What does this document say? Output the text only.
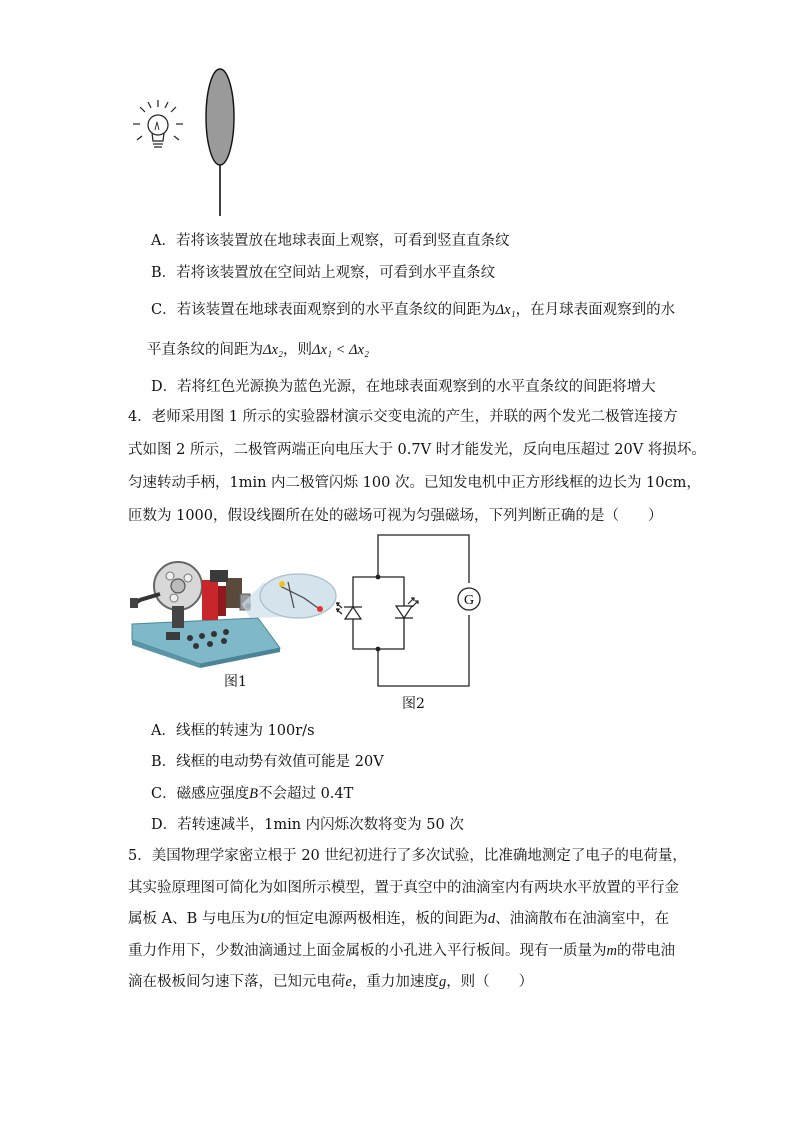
A．若将该装置放在地球表面上观察，可看到竖直直条纹
B．若将该装置放在空间站上观察，可看到水平直条纹
C．若该装置在地球表面观察到的水平直条纹的间距为Δx₁，在月球表面观察到的水
平直条纹的间距为Δx₂，则Δx₁ < Δx₂
D．若将红色光源换为蓝色光源，在地球表面观察到的水平直条纹的间距将增大
4．老师采用图 1 所示的实验器材演示交变电流的产生，并联的两个发光二极管连接方
式如图 2 所示，二极管两端正向电压大于 0.7V 时才能发光，反向电压超过 20V 将损坏。
匀速转动手柄，1min 内二极管闪烁 100 次。已知发电机中正方形线框的边长为 10cm，
匝数为 1000，假设线圈所在处的磁场可视为匀强磁场，下列判断正确的是（　　）
图1
G
图2
A．线框的转速为 100r/s
B．线框的电动势有效值可能是 20V
C．磁感应强度B不会超过 0.4T
D．若转速减半，1min 内闪烁次数将变为 50 次
5．美国物理学家密立根于 20 世纪初进行了多次试验，比准确地测定了电子的电荷量，
其实验原理图可简化为如图所示模型，置于真空中的油滴室内有两块水平放置的平行金
属板 A、B 与电压为U的恒定电源两极相连，板的间距为d、油滴散布在油滴室中，在
重力作用下，少数油滴通过上面金属板的小孔进入平行板间。现有一质量为m的带电油
滴在极板间匀速下落，已知元电荷e，重力加速度g，则（　　）
